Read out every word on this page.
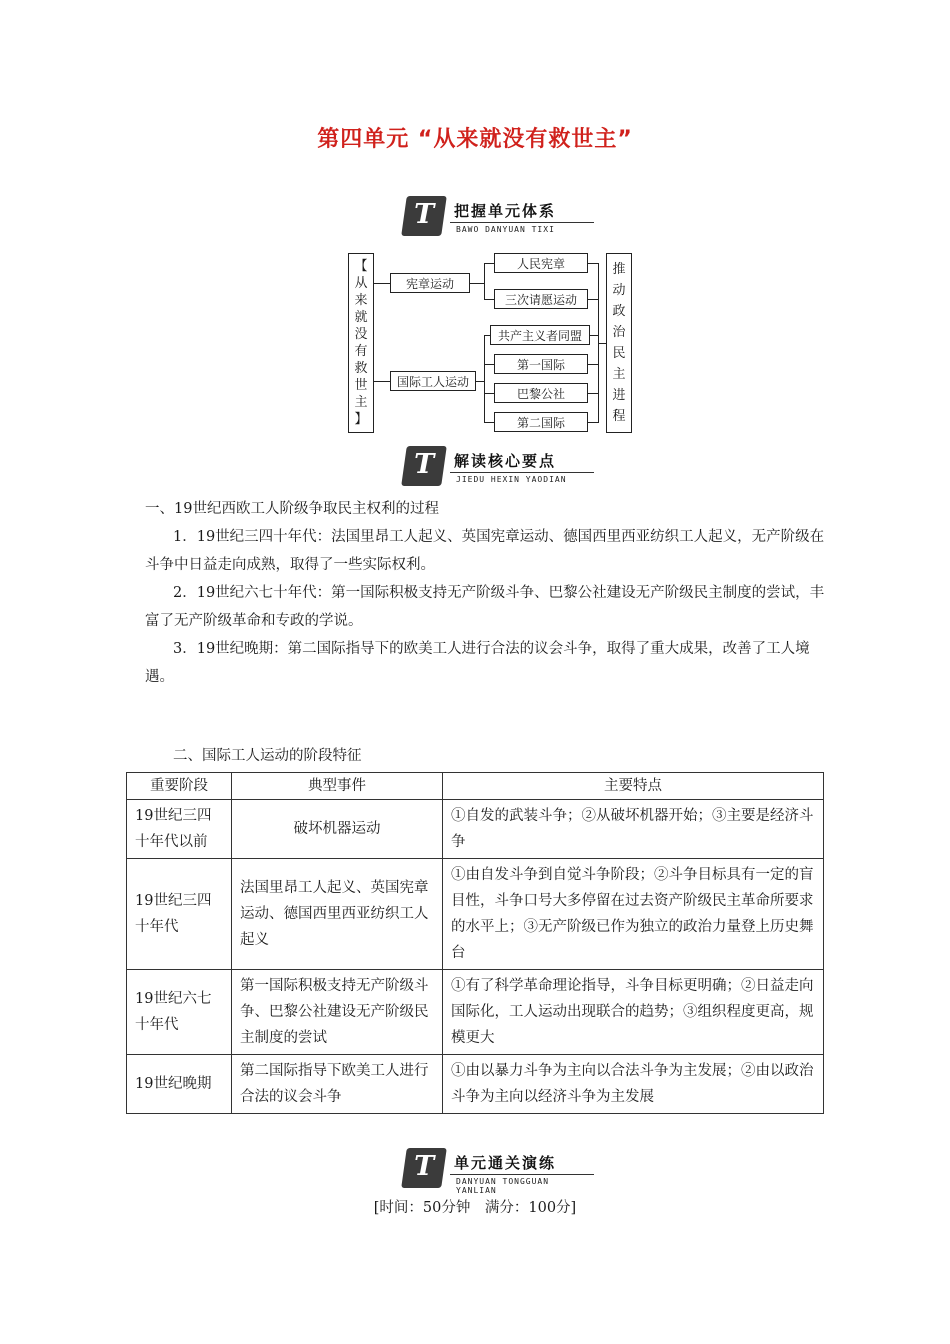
第四单元 “从来就没有救世主”
T	把握单元体系
BAWO DANYUAN TIXI
【
从
来
就
没
有
救
世
主
】
宪章运动
国际工人运动
人民宪章
三次请愿运动
共产主义者同盟
第一国际
巴黎公社
第二国际
推
动
政
治
民
主
进
程
T	解读核心要点
JIEDU HEXIN YAODIAN
一、19世纪西欧工人阶级争取民主权利的过程
1．19世纪三四十年代：法国里昂工人起义、英国宪章运动、德国西里西亚纺织工人起义，无产阶级在斗争中日益走向成熟，取得了一些实际权利。
2．19世纪六七十年代：第一国际积极支持无产阶级斗争、巴黎公社建设无产阶级民主制度的尝试，丰富了无产阶级革命和专政的学说。
3．19世纪晚期：第二国际指导下的欧美工人进行合法的议会斗争，取得了重大成果，改善了工人境遇。
二、国际工人运动的阶段特征
重要阶段	典型事件	主要特点
19世纪三四十年代以前	破坏机器运动	①自发的武装斗争；②从破坏机器开始；③主要是经济斗争
19世纪三四十年代	法国里昂工人起义、英国宪章运动、德国西里西亚纺织工人起义	①由自发斗争到自觉斗争阶段；②斗争目标具有一定的盲目性，斗争口号大多停留在过去资产阶级民主革命所要求的水平上；③无产阶级已作为独立的政治力量登上历史舞台
19世纪六七十年代	第一国际积极支持无产阶级斗争、巴黎公社建设无产阶级民主制度的尝试	①有了科学革命理论指导，斗争目标更明确；②日益走向国际化，工人运动出现联合的趋势；③组织程度更高，规模更大
19世纪晚期	第二国际指导下欧美工人进行合法的议会斗争	①由以暴力斗争为主向以合法斗争为主发展；②由以政治斗争为主向以经济斗争为主发展
T	单元通关演练
DANYUAN TONGGUAN YANLIAN
[时间：50分钟　满分：100分]
